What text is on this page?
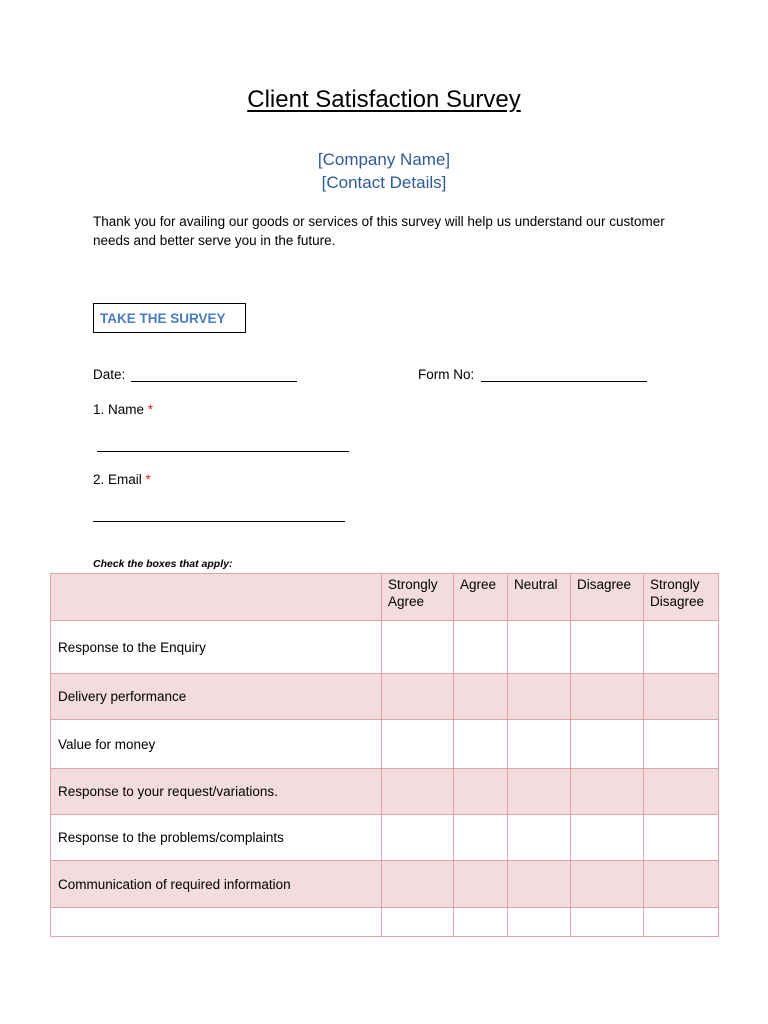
Client Satisfaction Survey
[Company Name]
[Contact Details]
Thank you for availing our goods or services of this survey will help us understand our customer needs and better serve you in the future.
TAKE THE SURVEY
Date:	Form No:
1. Name *
2. Email *
Check the boxes that apply:
	Strongly Agree	Agree	Neutral	Disagree	Strongly Disagree
Response to the Enquiry					
Delivery performance					
Value for money					
Response to your request/variations.					
Response to the problems/complaints					
Communication of required information					
